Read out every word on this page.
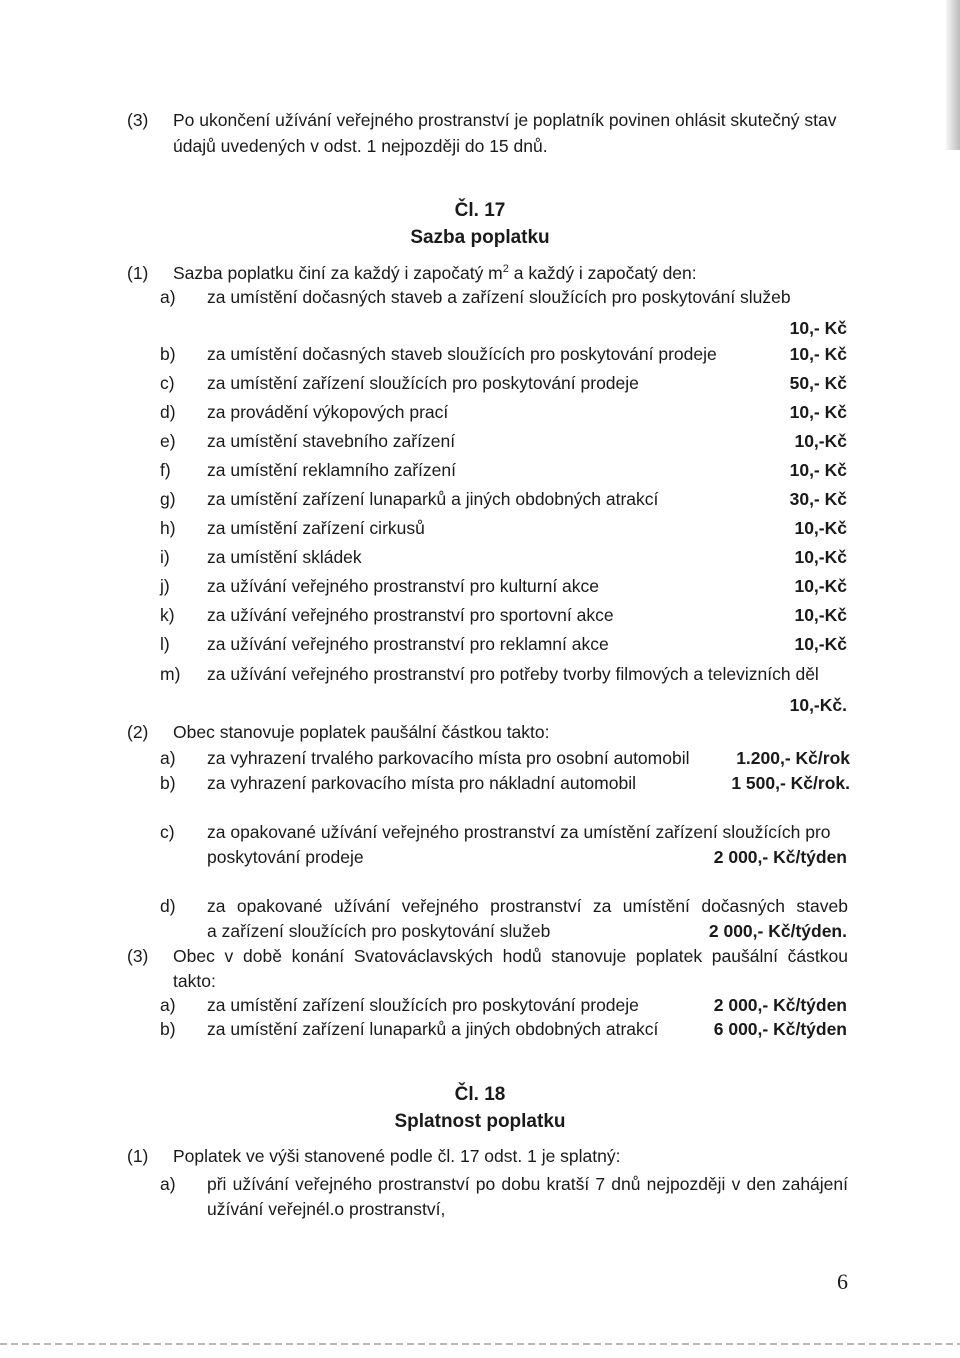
(3) Po ukončení užívání veřejného prostranství je poplatník povinen ohlásit skutečný stav
údajů uvedených v odst. 1 nejpozději do 15 dnů.
Čl. 17
Sazba poplatku
(1) Sazba poplatku činí za každý i započatý $m^2$ a každý i započatý den:
a) za umístění dočasných staveb a zařízení sloužících pro poskytování služeb
10,- Kč
b) za umístění dočasných staveb sloužících pro poskytování prodeje	10,- Kč
c) za umístění zařízení sloužících pro poskytování prodeje	50,- Kč
d) za provádění výkopových prací	10,- Kč
e) za umístění stavebního zařízení	10,-Kč
f) za umístění reklamního zařízení	10,- Kč
g) za umístění zařízení lunaparků a jiných obdobných atrakcí	30,- Kč
h) za umístění zařízení cirkusů	10,-Kč
i) za umístění skládek	10,-Kč
j) za užívání veřejného prostranství pro kulturní akce	10,-Kč
k) za užívání veřejného prostranství pro sportovní akce	10,-Kč
l) za užívání veřejného prostranství pro reklamní akce	10,-Kč
m) za užívání veřejného prostranství pro potřeby tvorby filmových a televizních děl
10,-Kč.
(2) Obec stanovuje poplatek paušální částkou takto:
a) za vyhrazení trvalého parkovacího místa pro osobní automobil	1.200,- Kč/rok
b) za vyhrazení parkovacího místa pro nákladní automobil	1 500,- Kč/rok.
c) za opakované užívání veřejného prostranství za umístění zařízení sloužících pro
poskytování prodeje	2 000,- Kč/týden
d) za opakované užívání veřejného prostranství za umístění dočasných staveb
a zařízení sloužících pro poskytování služeb	2 000,- Kč/týden.
(3) Obec v době konání Svatováclavských hodů stanovuje poplatek paušální částkou
takto:
a) za umístění zařízení sloužících pro poskytování prodeje	2 000,- Kč/týden
b) za umístění zařízení lunaparků a jiných obdobných atrakcí	6 000,- Kč/týden
Čl. 18
Splatnost poplatku
(1) Poplatek ve výši stanovené podle čl. 17 odst. 1 je splatný:
a) při užívání veřejného prostranství po dobu kratší 7 dnů nejpozději v den zahájení
užívání veřejnél.o prostranství,
6
